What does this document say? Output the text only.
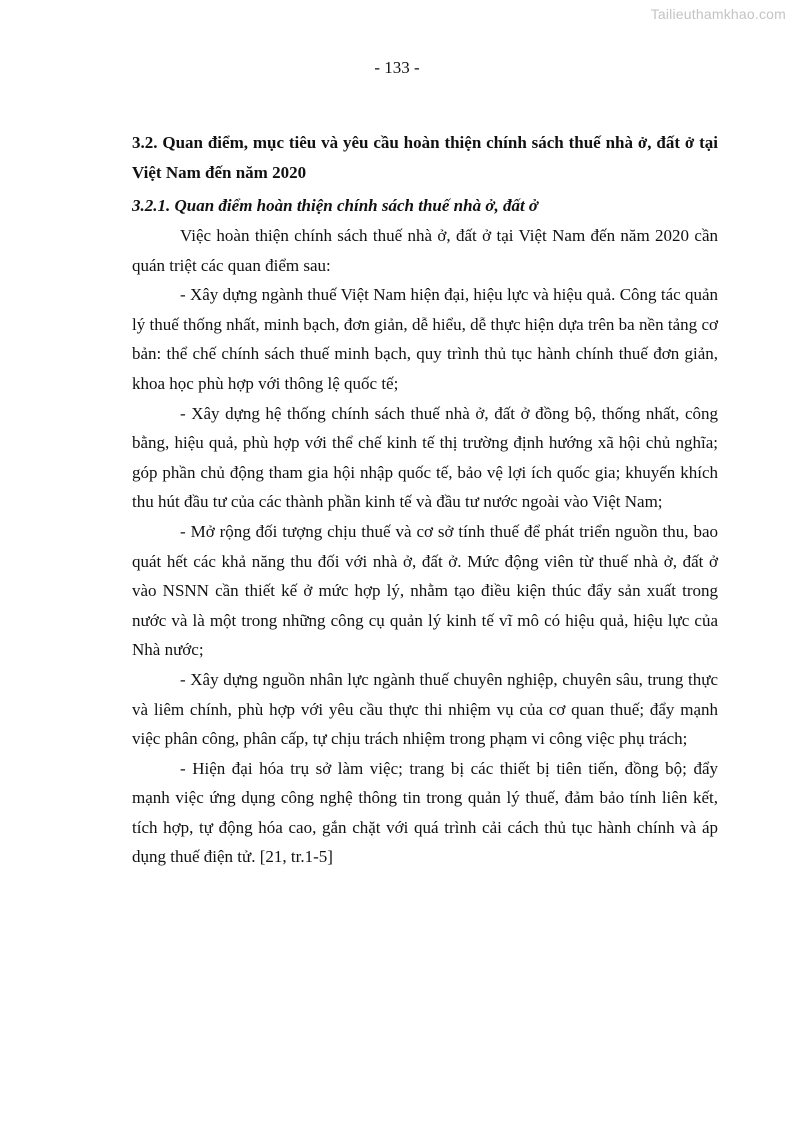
Tailieuthamkhao.com
- 133 -
3.2. Quan điểm, mục tiêu và yêu cầu hoàn thiện chính sách thuế nhà ở, đất ở tại Việt Nam đến năm 2020
3.2.1. Quan điểm hoàn thiện chính sách thuế nhà ở, đất ở

Việc hoàn thiện chính sách thuế nhà ở, đất ở tại Việt Nam đến năm 2020 cần quán triệt các quan điểm sau:

- Xây dựng ngành thuế Việt Nam hiện đại, hiệu lực và hiệu quả. Công tác quản lý thuế thống nhất, minh bạch, đơn giản, dễ hiểu, dễ thực hiện dựa trên ba nền tảng cơ bản: thể chế chính sách thuế minh bạch, quy trình thủ tục hành chính thuế đơn giản, khoa học phù hợp với thông lệ quốc tế;

- Xây dựng hệ thống chính sách thuế nhà ở, đất ở đồng bộ, thống nhất, công bằng, hiệu quả, phù hợp với thể chế kinh tế thị trường định hướng xã hội chủ nghĩa; góp phần chủ động tham gia hội nhập quốc tế, bảo vệ lợi ích quốc gia; khuyến khích thu hút đầu tư của các thành phần kinh tế và đầu tư nước ngoài vào Việt Nam;

- Mở rộng đối tượng chịu thuế và cơ sở tính thuế để phát triển nguồn thu, bao quát hết các khả năng thu đối với nhà ở, đất ở. Mức động viên từ thuế nhà ở, đất ở vào NSNN cần thiết kế ở mức hợp lý, nhằm tạo điều kiện thúc đẩy sản xuất trong nước và là một trong những công cụ quản lý kinh tế vĩ mô có hiệu quả, hiệu lực của Nhà nước;

- Xây dựng nguồn nhân lực ngành thuế chuyên nghiệp, chuyên sâu, trung thực và liêm chính, phù hợp với yêu cầu thực thi nhiệm vụ của cơ quan thuế; đẩy mạnh việc phân công, phân cấp, tự chịu trách nhiệm trong phạm vi công việc phụ trách;

- Hiện đại hóa trụ sở làm việc; trang bị các thiết bị tiên tiến, đồng bộ; đẩy mạnh việc ứng dụng công nghệ thông tin trong quản lý thuế, đảm bảo tính liên kết, tích hợp, tự động hóa cao, gắn chặt với quá trình cải cách thủ tục hành chính và áp dụng thuế điện tử. [21, tr.1-5]
